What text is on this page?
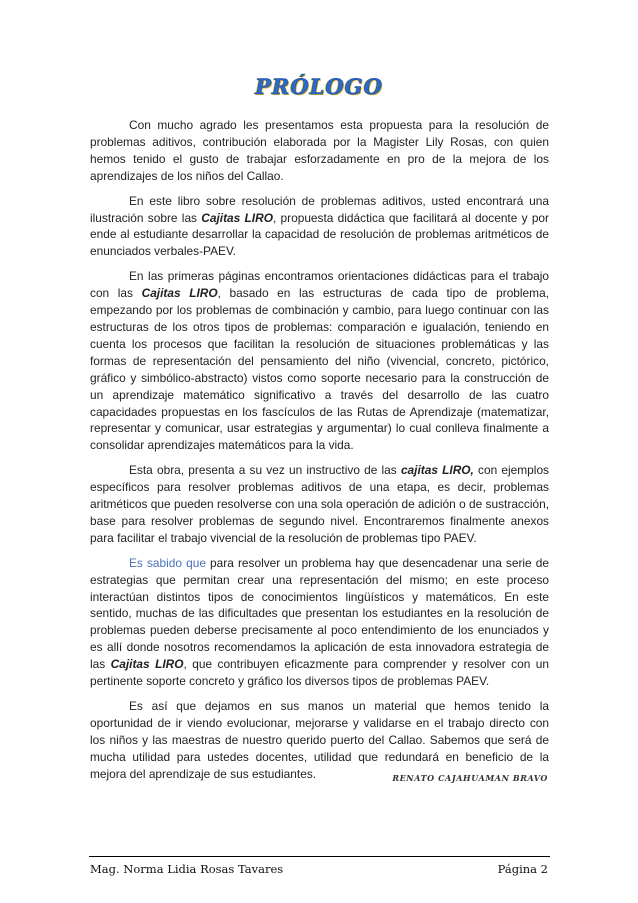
PRÓLOGO

Con mucho agrado les presentamos esta propuesta para la resolución de problemas aditivos, contribución elaborada por la Magister Lily Rosas, con quien hemos tenido el gusto de trabajar esforzadamente en pro de la mejora de los aprendizajes de los niños del Callao.

En este libro sobre resolución de problemas aditivos, usted encontrará una ilustración sobre las Cajitas LIRO, propuesta didáctica que facilitará al docente y por ende al estudiante desarrollar la capacidad de resolución de problemas aritméticos de enunciados verbales-PAEV.

En las primeras páginas encontramos orientaciones didácticas para el trabajo con las Cajitas LIRO, basado en las estructuras de cada tipo de problema, empezando por los problemas de combinación y cambio, para luego continuar con las estructuras de los otros tipos de problemas: comparación e igualación, teniendo en cuenta los procesos que facilitan la resolución de situaciones problemáticas y las formas de representación del pensamiento del niño (vivencial, concreto, pictórico, gráfico y simbólico-abstracto) vistos como soporte necesario para la construcción de un aprendizaje matemático significativo a través del desarrollo de las cuatro capacidades propuestas en los fascículos de las Rutas de Aprendizaje (matematizar, representar y comunicar, usar estrategias y argumentar) lo cual conlleva finalmente a consolidar aprendizajes matemáticos para la vida.

Esta obra, presenta a su vez un instructivo de las cajitas LIRO, con ejemplos específicos para resolver problemas aditivos de una etapa, es decir, problemas aritméticos que pueden resolverse con una sola operación de adición o de sustracción, base para resolver problemas de segundo nivel. Encontraremos finalmente anexos para facilitar el trabajo vivencial de la resolución de problemas tipo PAEV.

Es sabido que para resolver un problema hay que desencadenar una serie de estrategias que permitan crear una representación del mismo; en este proceso interactúan distintos tipos de conocimientos lingüísticos y matemáticos. En este sentido, muchas de las dificultades que presentan los estudiantes en la resolución de problemas pueden deberse precisamente al poco entendimiento de los enunciados y es allí donde nosotros recomendamos la aplicación de esta innovadora estrategia de las Cajitas LIRO, que contribuyen eficazmente para comprender y resolver con un pertinente soporte concreto y gráfico los diversos tipos de problemas PAEV.

Es así que dejamos en sus manos un material que hemos tenido la oportunidad de ir viendo evolucionar, mejorarse y validarse en el trabajo directo con los niños y las maestras de nuestro querido puerto del Callao. Sabemos que será de mucha utilidad para ustedes docentes, utilidad que redundará en beneficio de la mejora del aprendizaje de sus estudiantes.	RENATO CAJAHUAMAN BRAVO
Mag. Norma Lidia Rosas Tavares	Página 2
